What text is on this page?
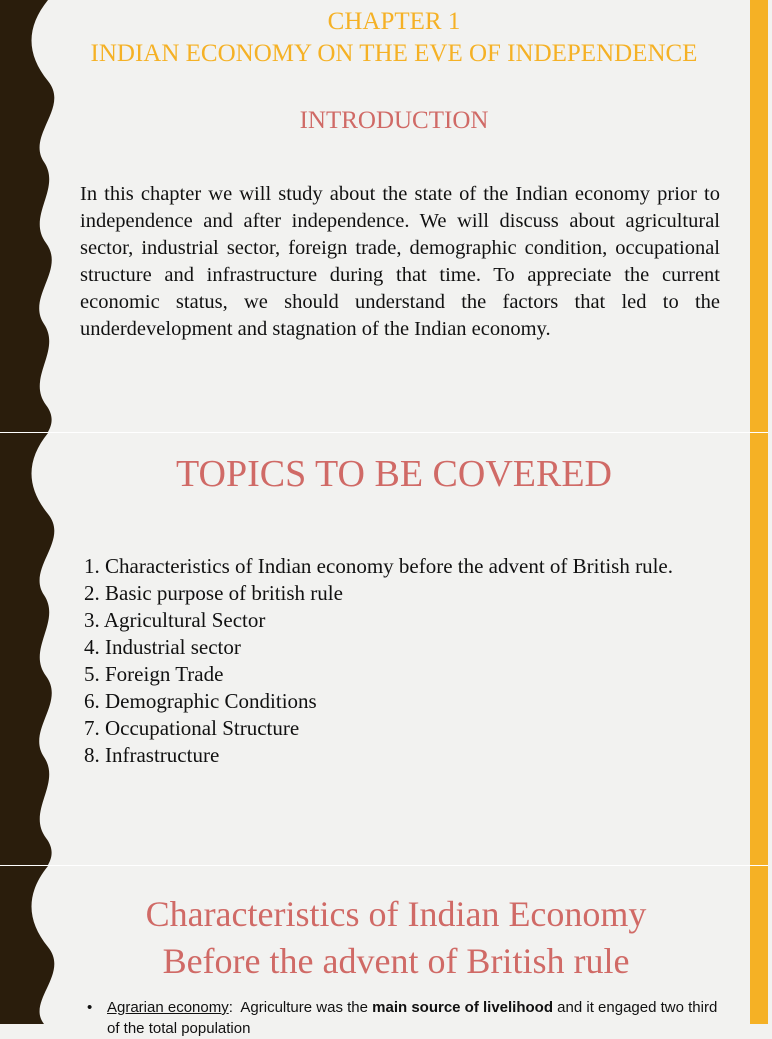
CHAPTER 1
INDIAN ECONOMY ON THE EVE OF INDEPENDENCE
INTRODUCTION
In this chapter we will study about the state of the Indian economy prior to independence and after independence. We will discuss about agricultural sector, industrial sector, foreign trade, demographic condition, occupational structure and infrastructure during that time. To appreciate the current economic status, we should understand the factors that led to the underdevelopment and stagnation of the Indian economy.
TOPICS TO BE COVERED
1. Characteristics of Indian economy before the advent of British rule.
2. Basic purpose of british rule
3. Agricultural Sector
4. Industrial sector
5. Foreign Trade
6. Demographic Conditions
7. Occupational Structure
8. Infrastructure
Characteristics of Indian Economy
Before the advent of British rule
• Agrarian economy:  Agriculture was the main source of livelihood and it engaged two third of the total population
